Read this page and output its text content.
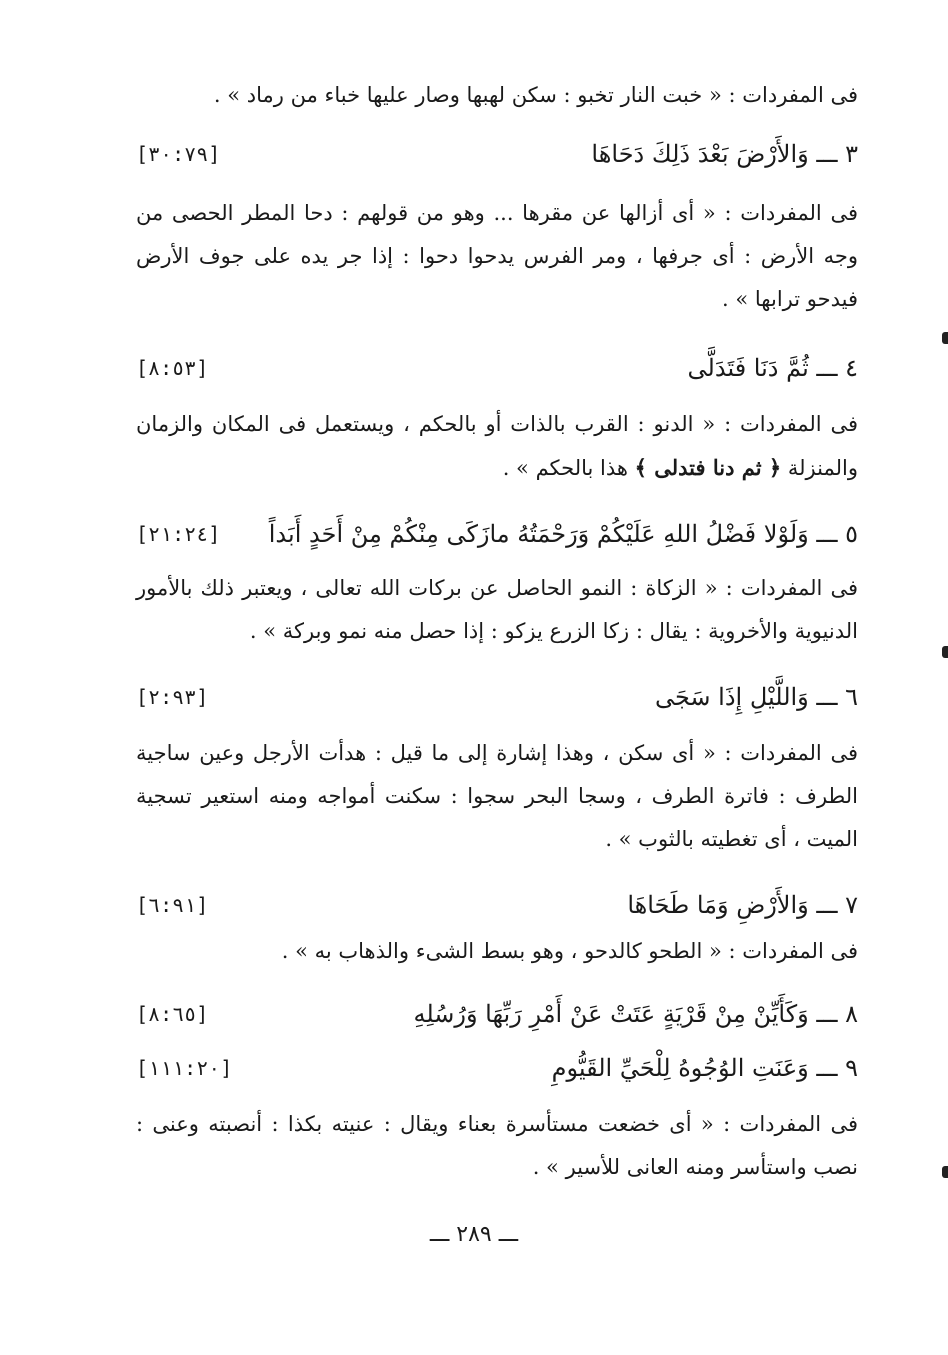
فى المفردات : « خبت النار تخبو : سكن لهبها وصار عليها خباء من رماد » .

٣ ـــ وَالأَرْضَ بَعْدَ ذَلِكَ دَحَاهَا
[٣٠:٧٩]

فى المفردات : « أى أزالها عن مقرها ... وهو من قولهم : دحا المطر الحصى من وجه الأرض : أى جرفها ، ومر الفرس يدحوا دحوا : إذا جر يده على جوف الأرض فيدحو ترابها » .

٤ ـــ ثُمَّ دَنَا فَتَدَلَّى
[٨:٥٣]

فى المفردات : « الدنو : القرب بالذات أو بالحكم ، ويستعمل فى المكان والزمان والمنزلة ﴿ ثم دنا فتدلى ﴾ هذا بالحكم » .

٥ ـــ وَلَوْلا فَضْلُ اللهِ عَلَيْكُمْ وَرَحْمَتُهُ مازَكَى مِنْكُمْ مِنْ أَحَدٍ أَبَداً
[٢١:٢٤]

فى المفردات : « الزكاة : النمو الحاصل عن بركات الله تعالى ، ويعتبر ذلك بالأمور الدنيوية والأخروية : يقال : زكا الزرع يزكو : إذا حصل منه نمو وبركة » .

٦ ـــ وَاللَّيْلِ إِذَا سَجَى
[٢:٩٣]

فى المفردات : « أى سكن ، وهذا إشارة إلى ما قيل : هدأت الأرجل وعين ساجية الطرف : فاترة الطرف ، وسجا البحر سجوا : سكنت أمواجه ومنه استعير تسجية الميت ، أى تغطيته بالثوب » .

٧ ـــ وَالأَرْضِ وَمَا طَحَاهَا
[٦:٩١]

فى المفردات : « الطحو كالدحو ، وهو بسط الشىء والذهاب به » .

٨ ـــ وَكَأَيِّنْ مِنْ قَرْيَةٍ عَتَتْ عَنْ أَمْرِ رَبِّهَا وَرُسُلِهِ
[٨:٦٥]
٩ ـــ وَعَنَتِ الوُجُوهُ لِلْحَيِّ القَيُّومِ
[١١١:٢٠]

فى المفردات : « أى خضعت مستأسرة بعناء ويقال : عنيته بكذا : أنصبته وعنى : نصب واستأسر ومنه العانى للأسير » .

ـــ ٢٨٩ ـــ
